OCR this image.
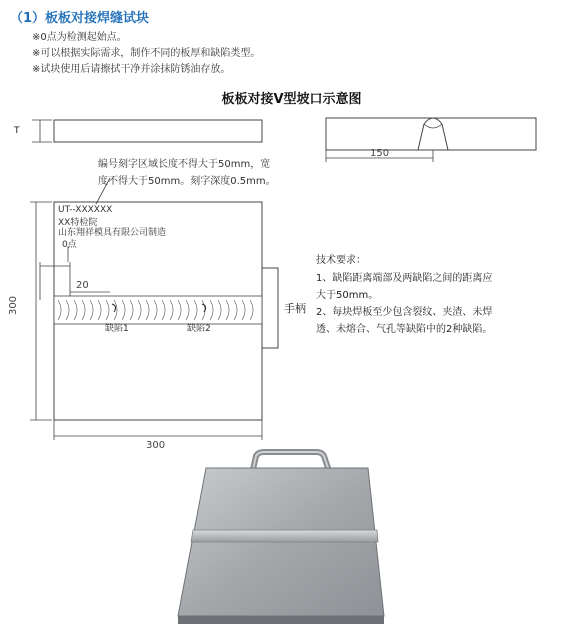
（1）板板对接焊缝试块
※0点为检测起始点。
※可以根据实际需求，制作不同的板厚和缺陷类型。
※试块使用后请擦拭干净并涂抹防锈油存放。
板板对接V型坡口示意图
T
150
编号刻字区域长度不得大于50mm，宽
度不得大于50mm。刻字深度0.5mm。
UT--XXXXXX
XX特检院
山东翔祥模具有限公司制造
0点
20
缺陷1	缺陷2
手柄
300
300
技术要求：
1、缺陷距离端部及两缺陷之间的距离应
大于50mm。
2、每块焊板至少包含裂纹、夹渣、未焊
透、未熔合、气孔等缺陷中的2种缺陷。
